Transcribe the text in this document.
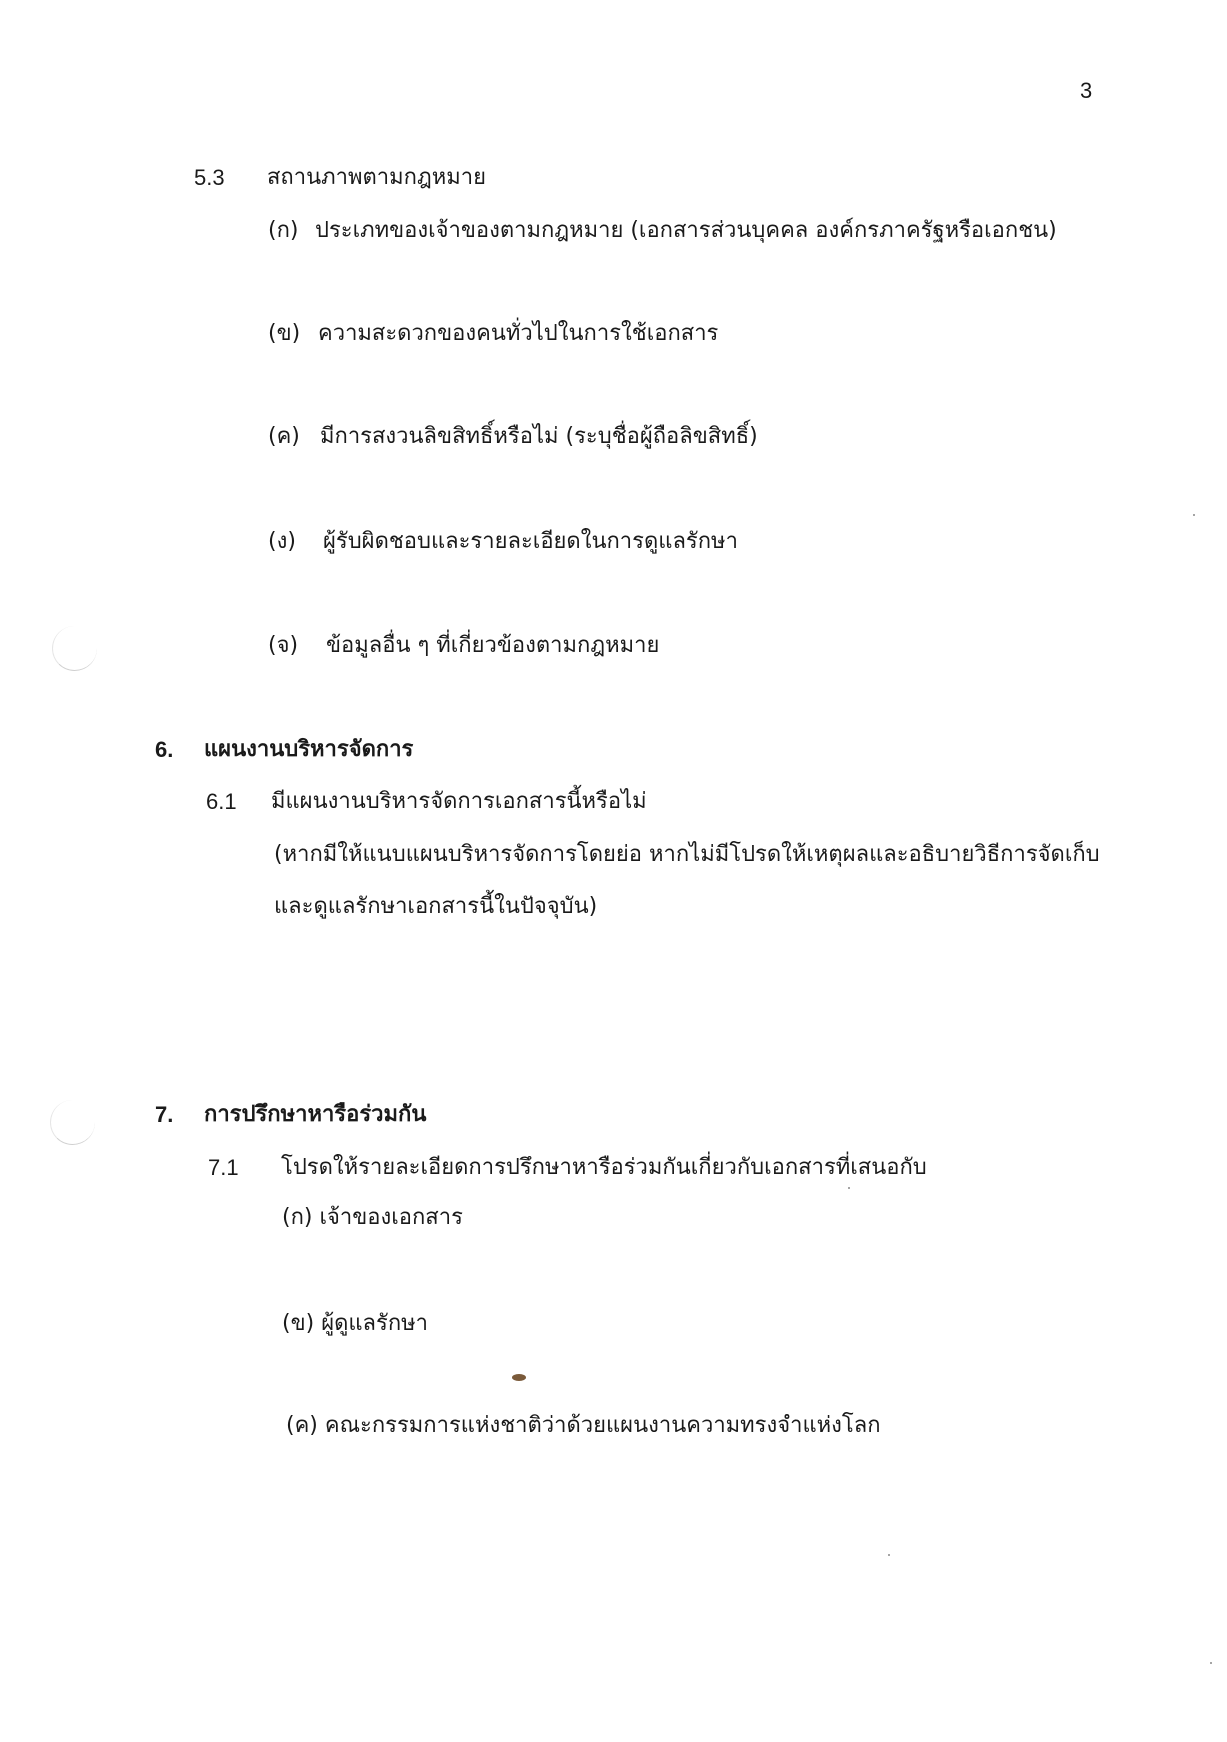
3
5.3 สถานภาพตามกฎหมาย
(ก) ประเภทของเจ้าของตามกฎหมาย (เอกสารส่วนบุคคล องค์กรภาครัฐหรือเอกชน)
(ข) ความสะดวกของคนทั่วไปในการใช้เอกสาร
(ค) มีการสงวนลิขสิทธิ์หรือไม่ (ระบุชื่อผู้ถือลิขสิทธิ์)
(ง) ผู้รับผิดชอบและรายละเอียดในการดูแลรักษา
(จ) ข้อมูลอื่น ๆ ที่เกี่ยวข้องตามกฎหมาย
6. แผนงานบริหารจัดการ
6.1 มีแผนงานบริหารจัดการเอกสารนี้หรือไม่
(หากมีให้แนบแผนบริหารจัดการโดยย่อ หากไม่มีโปรดให้เหตุผลและอธิบายวิธีการจัดเก็บ
และดูแลรักษาเอกสารนี้ในปัจจุบัน)
7. การปรึกษาหารือร่วมกัน
7.1 โปรดให้รายละเอียดการปรึกษาหารือร่วมกันเกี่ยวกับเอกสารที่เสนอกับ
(ก) เจ้าของเอกสาร
(ข) ผู้ดูแลรักษา
(ค) คณะกรรมการแห่งชาติว่าด้วยแผนงานความทรงจำแห่งโลก
